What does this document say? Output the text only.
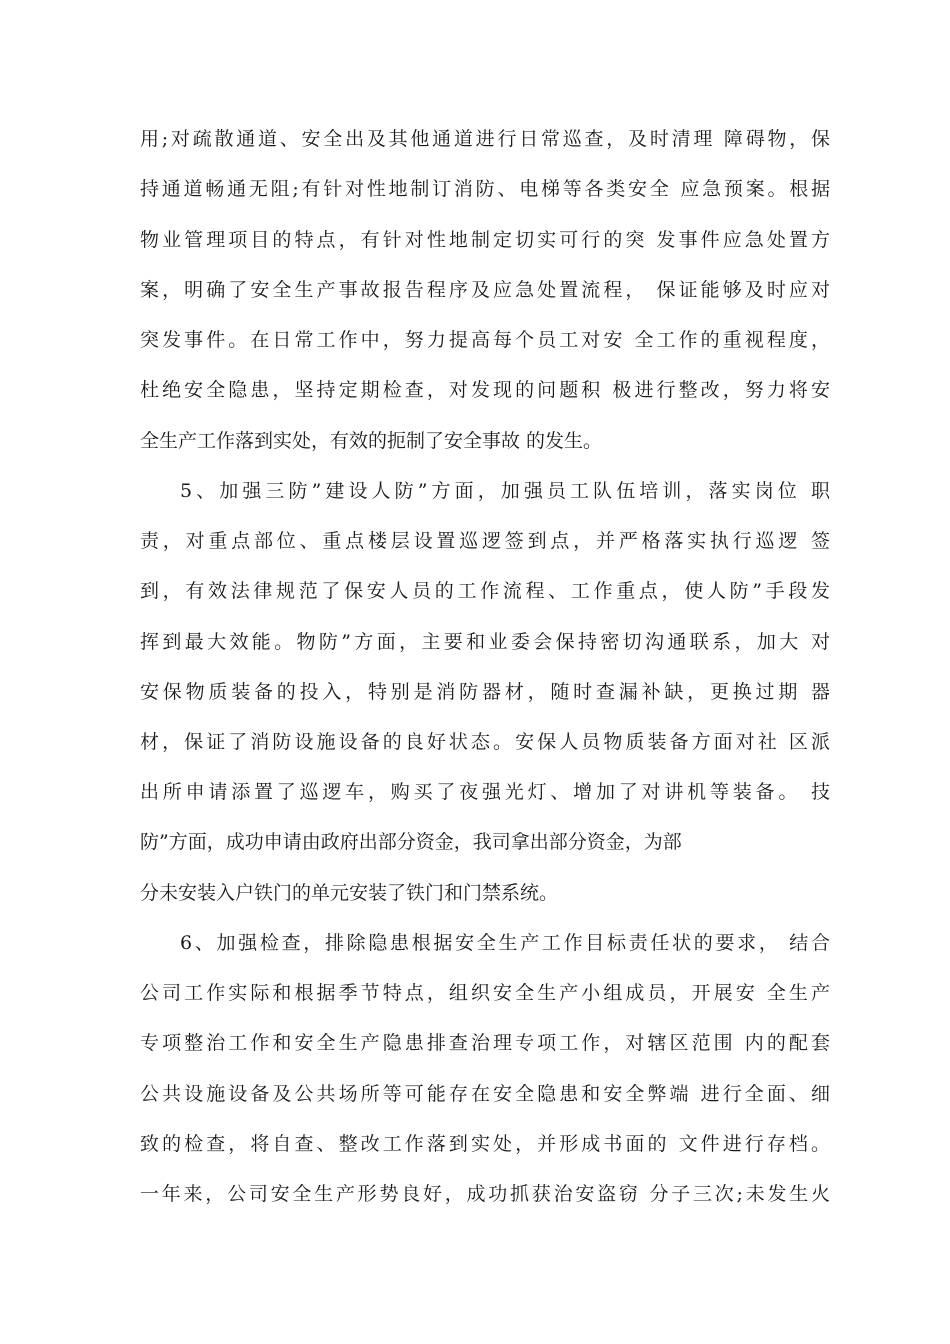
用;对疏散通道、安全出及其他通道进行日常巡查，及时清理 障碍物，保
持通道畅通无阻;有针对性地制订消防、电梯等各类安全 应急预案。根据
物业管理项目的特点，有针对性地制定切实可行的突 发事件应急处置方
案，明确了安全生产事故报告程序及应急处置流程， 保证能够及时应对
突发事件。在日常工作中，努力提高每个员工对安 全工作的重视程度，
杜绝安全隐患，坚持定期检查，对发现的问题积 极进行整改，努力将安
全生产工作落到实处，有效的扼制了安全事故 的发生。
5、加强三防”建设人防”方面，加强员工队伍培训，落实岗位 职
责，对重点部位、重点楼层设置巡逻签到点，并严格落实执行巡逻 签
到，有效法律规范了保安人员的工作流程、工作重点，使人防”手段发
挥到最大效能。物防”方面，主要和业委会保持密切沟通联系，加大 对
安保物质装备的投入，特别是消防器材，随时查漏补缺，更换过期 器
材，保证了消防设施设备的良好状态。安保人员物质装备方面对社 区派
出所申请添置了巡逻车，购买了夜强光灯、增加了对讲机等装备。 技
防”方面，成功申请由政府出部分资金，我司拿出部分资金，为部
分未安装入户铁门的单元安装了铁门和门禁系统。
6、加强检查，排除隐患根据安全生产工作目标责任状的要求， 结合
公司工作实际和根据季节特点，组织安全生产小组成员，开展安 全生产
专项整治工作和安全生产隐患排查治理专项工作，对辖区范围 内的配套
公共设施设备及公共场所等可能存在安全隐患和安全弊端 进行全面、细
致的检查，将自查、整改工作落到实处，并形成书面的 文件进行存档。
一年来，公司安全生产形势良好，成功抓获治安盗窃 分子三次;未发生火
